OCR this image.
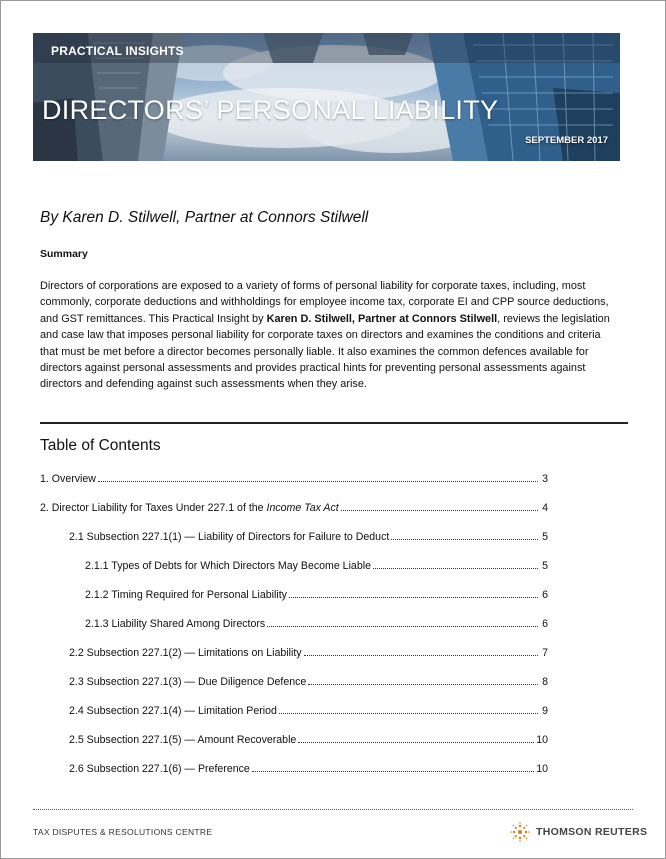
PRACTICAL INSIGHTS
DIRECTORS’ PERSONAL LIABILITY
SEPTEMBER 2017
By Karen D. Stilwell, Partner at Connors Stilwell
Summary
Directors of corporations are exposed to a variety of forms of personal liability for corporate taxes, including, most commonly, corporate deductions and withholdings for employee income tax, corporate EI and CPP source deductions, and GST remittances. This Practical Insight by Karen D. Stilwell, Partner at Connors Stilwell, reviews the legislation and case law that imposes personal liability for corporate taxes on directors and examines the conditions and criteria that must be met before a director becomes personally liable. It also examines the common defences available for directors against personal assessments and provides practical hints for preventing personal assessments against directors and defending against such assessments when they arise.
Table of Contents
1. Overview	3
2. Director Liability for Taxes Under 227.1 of the Income Tax Act	4
2.1 Subsection 227.1(1) — Liability of Directors for Failure to Deduct	5
2.1.1 Types of Debts for Which Directors May Become Liable	5
2.1.2 Timing Required for Personal Liability	6
2.1.3 Liability Shared Among Directors	6
2.2 Subsection 227.1(2) — Limitations on Liability	7
2.3 Subsection 227.1(3) — Due Diligence Defence	8
2.4 Subsection 227.1(4) — Limitation Period	9
2.5 Subsection 227.1(5) — Amount Recoverable	10
2.6 Subsection 227.1(6) — Preference	10
TAX DISPUTES & RESOLUTIONS CENTRE	THOMSON REUTERS
